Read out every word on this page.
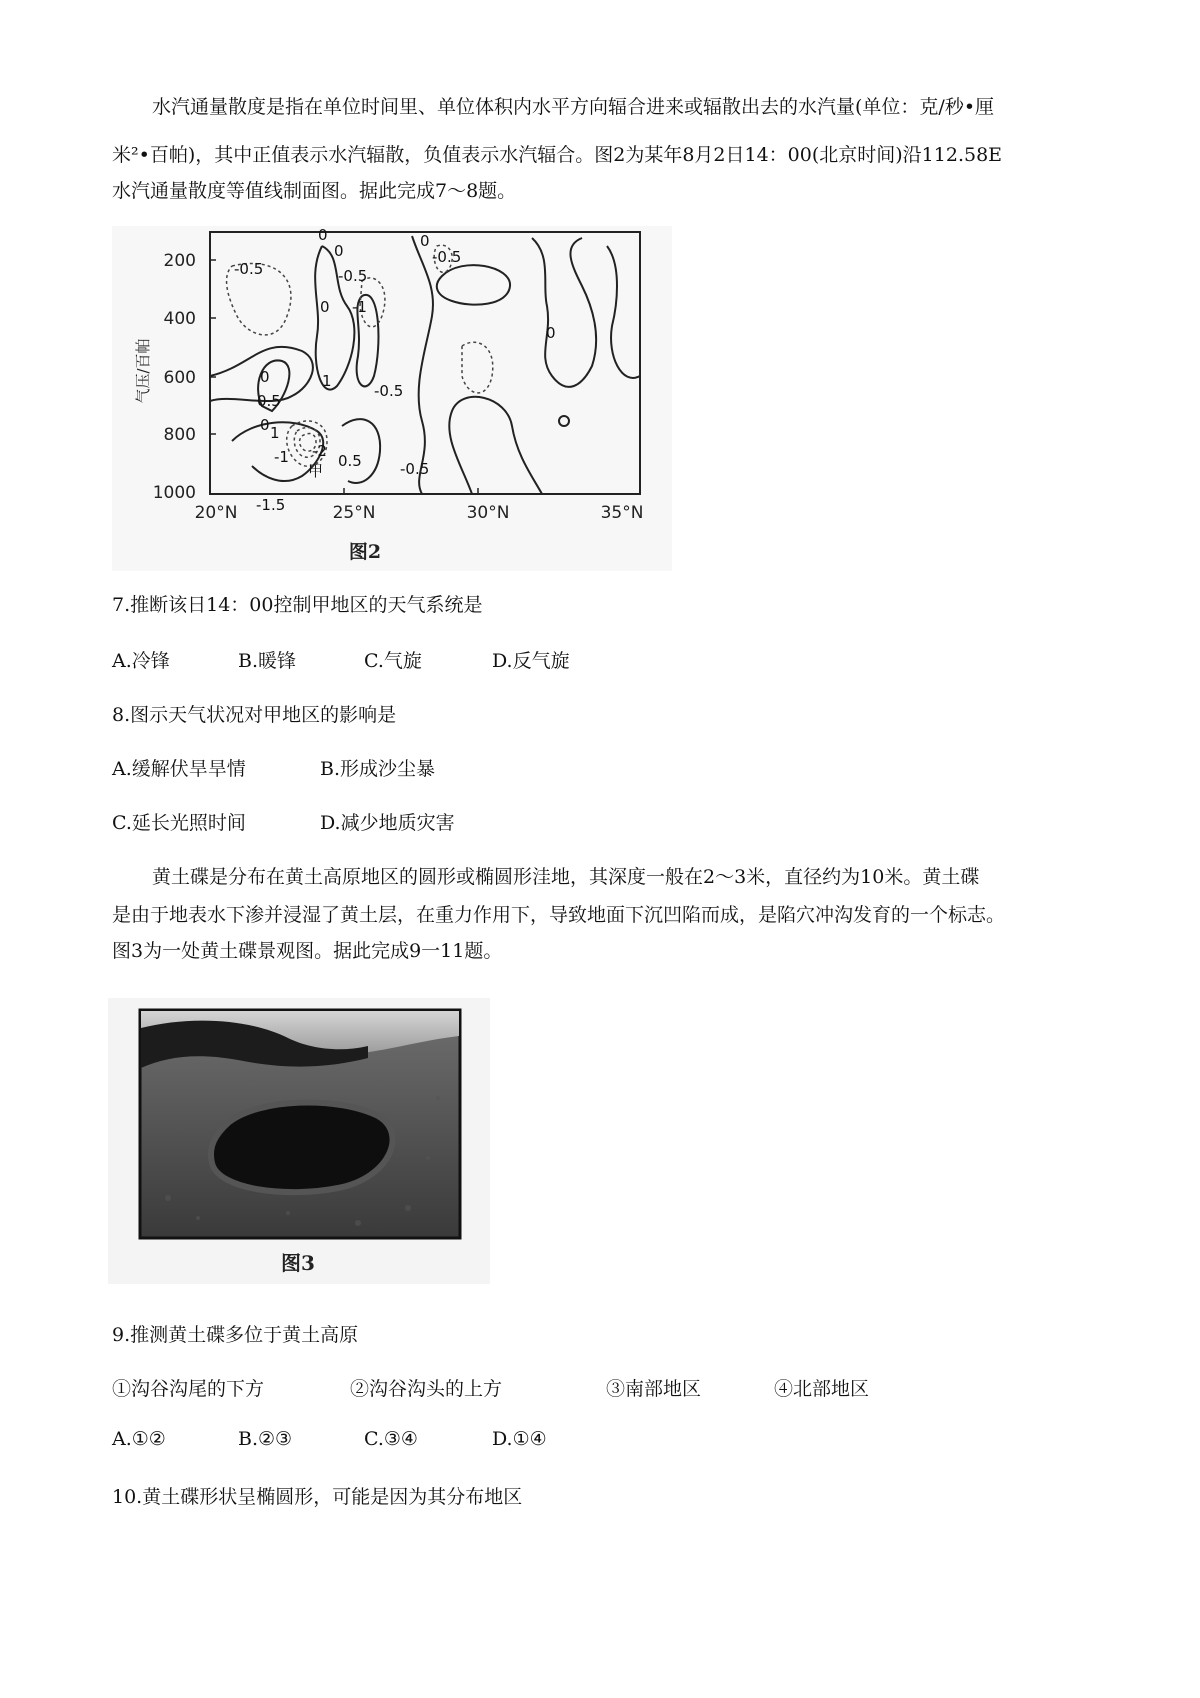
水汽通量散度是指在单位时间里、单位体积内水平方向辐合进来或辐散出去的水汽量(单位：克/秒•厘
米²•百帕)，其中正值表示水汽辐散，负值表示水汽辐合。图2为某年8月2日14：00(北京时间)沿112.58E
水汽通量散度等值线制面图。据此完成7～8题。
200
400
600
800
1000
气压/百帕
20°N	25°N	30°N	35°N
0
0
-0.5	-0.5
-0.5
0 -1
0
0	1
0.5
0
-0.5
-0.5
0.5
-2
-1
1
-1.5
甲
0
图2
7.推断该日14：00控制甲地区的天气系统是
A.冷锋	B.暖锋	C.气旋	D.反气旋
8.图示天气状况对甲地区的影响是
A.缓解伏旱旱情	B.形成沙尘暴
C.延长光照时间	D.减少地质灾害
黄土碟是分布在黄土高原地区的圆形或椭圆形洼地，其深度一般在2～3米，直径约为10米。黄土碟
是由于地表水下渗并浸湿了黄土层，在重力作用下，导致地面下沉凹陷而成，是陷穴冲沟发育的一个标志。
图3为一处黄土碟景观图。据此完成9一11题。
图3
9.推测黄土碟多位于黄土高原
①沟谷沟尾的下方	②沟谷沟头的上方	③南部地区	④北部地区
A.①②	B.②③	C.③④	D.①④
10.黄土碟形状呈椭圆形，可能是因为其分布地区
